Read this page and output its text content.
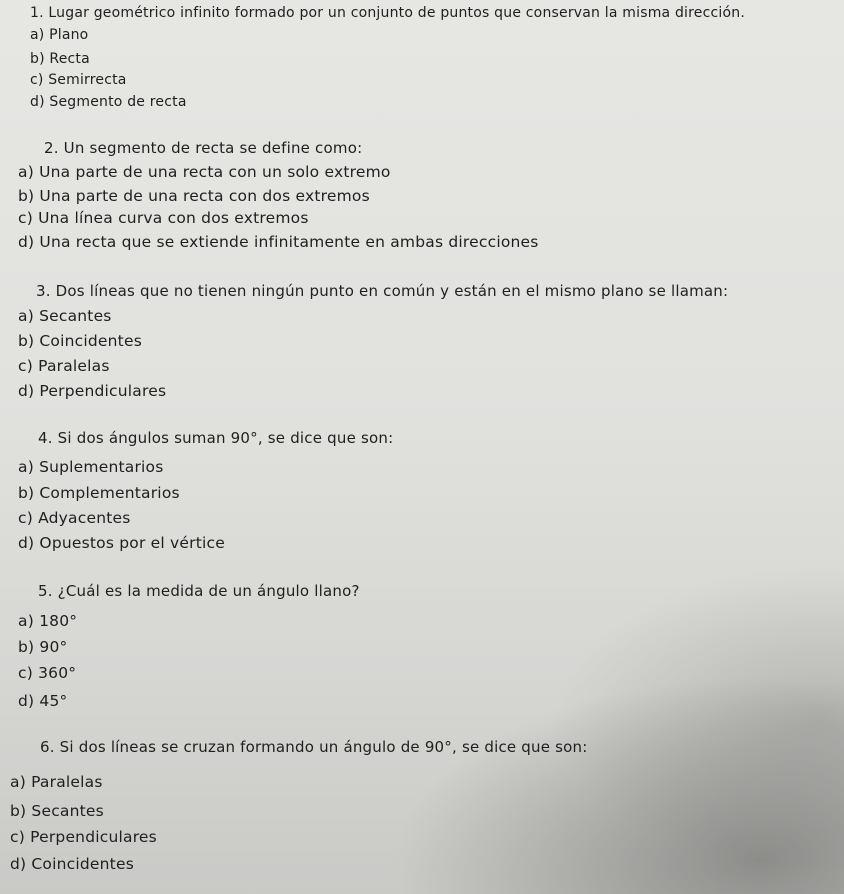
1. Lugar geométrico infinito formado por un conjunto de puntos que conservan la misma dirección.
a) Plano
b) Recta
c) Semirrecta
d) Segmento de recta
2. Un segmento de recta se define como:
a) Una parte de una recta con un solo extremo
b) Una parte de una recta con dos extremos
c) Una línea curva con dos extremos
d) Una recta que se extiende infinitamente en ambas direcciones
3. Dos líneas que no tienen ningún punto en común y están en el mismo plano se llaman:
a) Secantes
b) Coincidentes
c) Paralelas
d) Perpendiculares
4. Si dos ángulos suman 90°, se dice que son:
a) Suplementarios
b) Complementarios
c) Adyacentes
d) Opuestos por el vértice
5. ¿Cuál es la medida de un ángulo llano?
a) 180°
b) 90°
c) 360°
d) 45°
6. Si dos líneas se cruzan formando un ángulo de 90°, se dice que son:
a) Paralelas
b) Secantes
c) Perpendiculares
d) Coincidentes
